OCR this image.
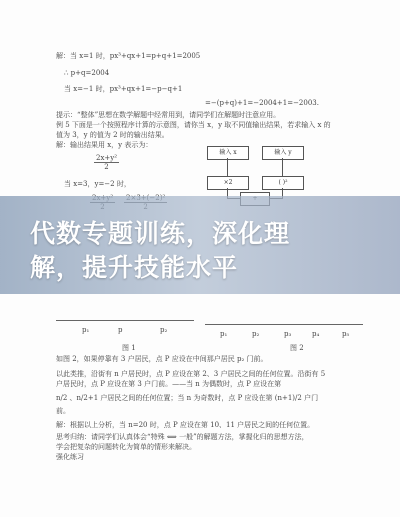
解：当 x=1 时，px³+qx+1=p+q+1=2005
∴ p+q=2004
当 x=−1 时，px³+qx+1=−p−q+1
=−(p+q)+1=−2004+1=−2003.
提示：“整体”思想在数学解题中经常用到，请同学们在解题时注意应用。
例 5 下面是一个按照程序计算的示意图，请你当 x，y 取不同值输出结果，若求输入 x 的
值为 3，y 的值为 2 时的输出结果。
解：输出结果用 x，y 表示为：
$\frac{\text{2x+y²}}{2}$
当 x=3，y=−2 时，
输入 x	输入 y
×2	( )²
代数专题训练，深化理
解，提升技能水平
p₁	p	p₂	p₁	p₂	p₃	p₄	p₅
图 1	图 2
如图 2，如果停靠有 3 户居民，点 P 应设在中间那户居民 p₂ 门前。
以此类推，沿街有 n 户居民时，点 P 应设在第 2、3 户居民之间的任何位置。沿街有 5
户居民时，点 P 应设在第 3 户门前。——当 n 为偶数时，点 P 应设在第
n/2 、n/2+1 户居民之间的任何位置；当 n 为奇数时，点 P 应设在第 (n+1)/2 户门
前。
解：根据以上分析，当 n=20 时，点 P 应设在第 10、11 户居民之间的任何位置。
思考归纳：请同学们认真体会“特殊 ⟺ 一般”的解题方法，掌握化归的思想方法，
学会把复杂的问题转化为简单的情形来解决。
强化练习
